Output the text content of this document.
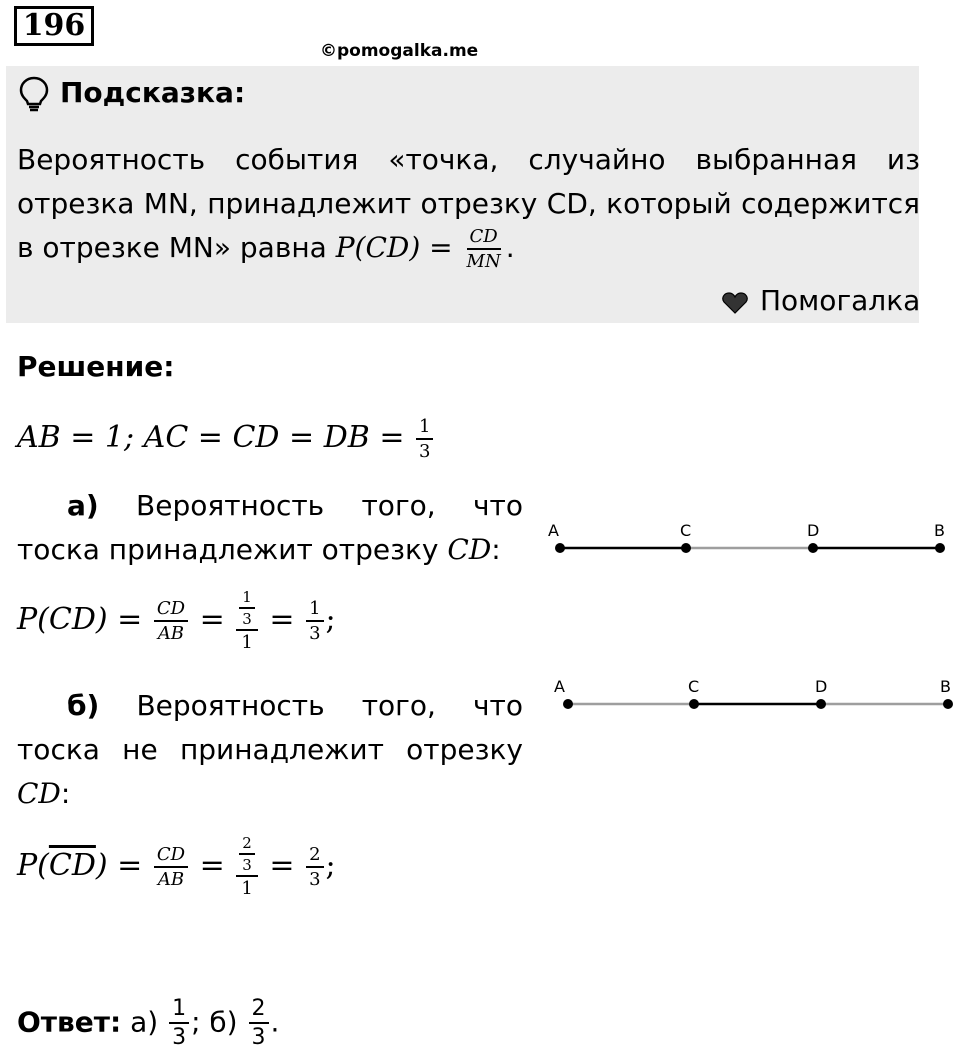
196
©pomogalka.me
Подсказка:
Вероятность события «точка, случайно выбранная из отрезка MN, принадлежит отрезку CD, который содержится в отрезке MN» равна $P(CD) = \frac{CD}{MN}$ .
Помогалка
Решение:
AB = 1; AC = CD = DB = $\frac{1}{3}$
а) Вероятность того, что тоска принадлежит отрезку CD:
$P(CD) = \frac{CD}{AB} = \frac{\frac{1}{3}}{1} = \frac{1}{3}$ ;
б) Вероятность того, что тоска не принадлежит отрезку CD:
$P(\overline{CD}) = \frac{CD}{AB} = \frac{\frac{2}{3}}{1} = \frac{2}{3}$ ;
A	C	D	B
A	C	D	B
Ответ: $а) \frac{1}{3}$ ; $б) \frac{2}{3}$ .
